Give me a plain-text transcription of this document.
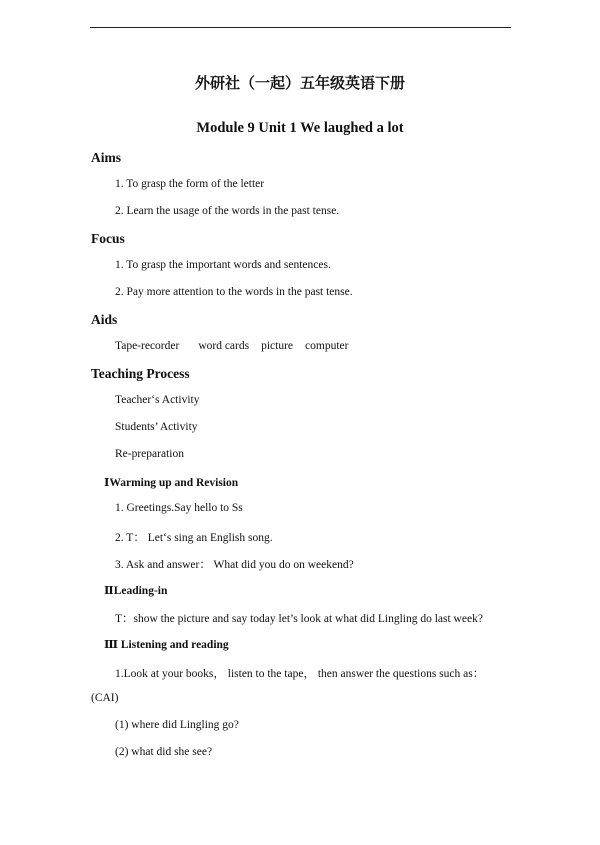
外研社（一起）五年级英语下册
Module 9 Unit 1 We laughed a lot
Aims
1. To grasp the form of the letter
2. Learn the usage of the words in the past tense.
Focus
1. To grasp the important words and sentences.
2. Pay more attention to the words in the past tense.
Aids
Tape-recorder word cards picture computer
Teaching Process
Teacher‘s Activity
Students’ Activity
Re-preparation
ⅠWarming up and Revision
1. Greetings.Say hello to Ss
2. T： Let‘s sing an English song.
3. Ask and answer： What did you do on weekend?
ⅡLeading-in
T：show the picture and say today let’s look at what did Lingling do last week?
Ⅲ Listening and reading
1.Look at your books， listen to the tape， then answer the questions such as：
(CAI)
(1) where did Lingling go?
(2) what did she see?
